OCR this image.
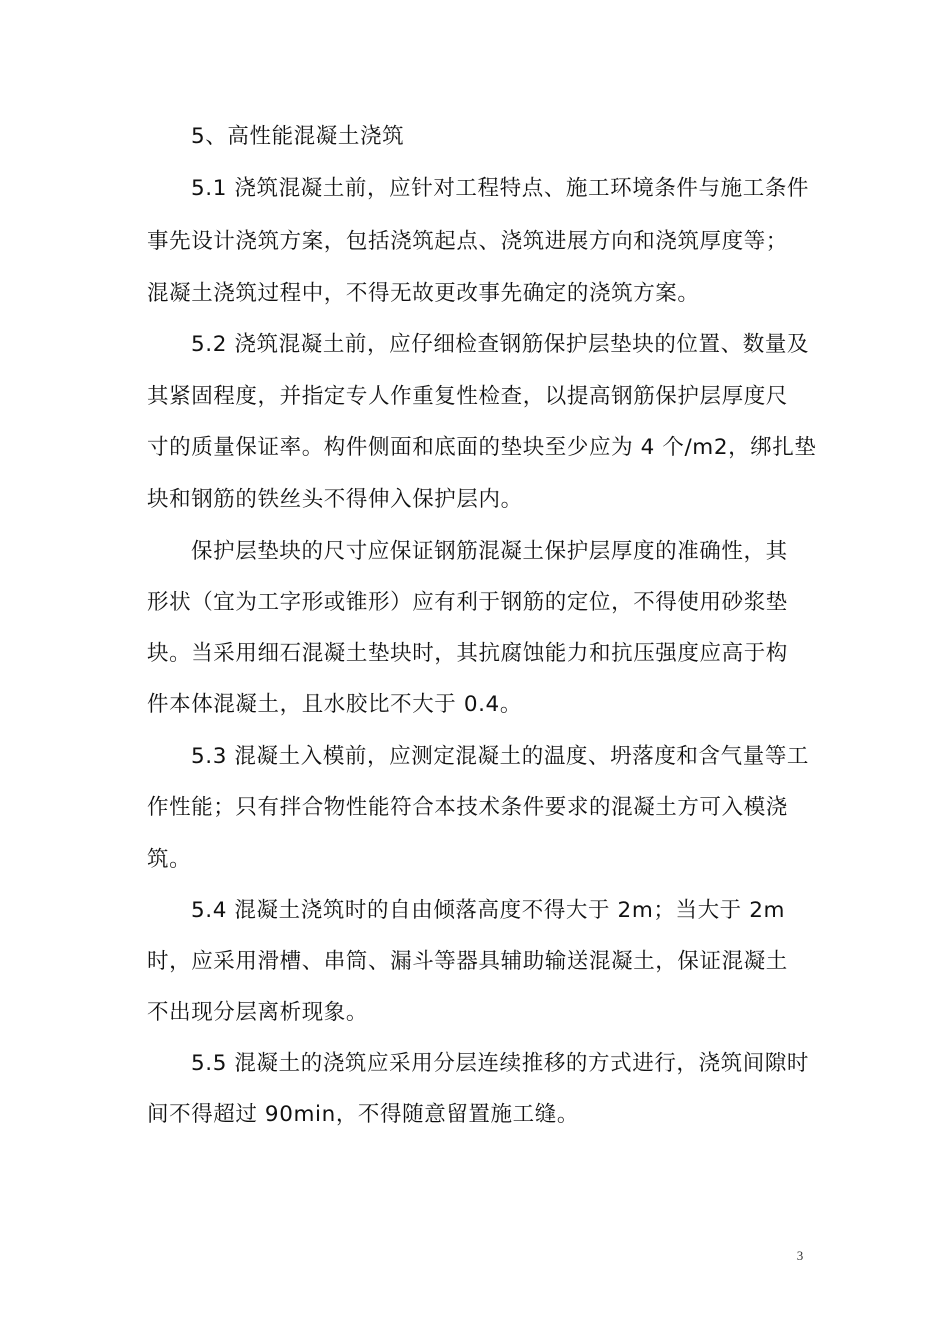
5、高性能混凝土浇筑
5.1 浇筑混凝土前，应针对工程特点、施工环境条件与施工条件
事先设计浇筑方案，包括浇筑起点、浇筑进展方向和浇筑厚度等；
混凝土浇筑过程中，不得无故更改事先确定的浇筑方案。
5.2 浇筑混凝土前，应仔细检查钢筋保护层垫块的位置、数量及
其紧固程度，并指定专人作重复性检查，以提高钢筋保护层厚度尺
寸的质量保证率。构件侧面和底面的垫块至少应为 4 个/m2，绑扎垫
块和钢筋的铁丝头不得伸入保护层内。
保护层垫块的尺寸应保证钢筋混凝土保护层厚度的准确性，其
形状（宜为工字形或锥形）应有利于钢筋的定位，不得使用砂浆垫
块。当采用细石混凝土垫块时，其抗腐蚀能力和抗压强度应高于构
件本体混凝土，且水胶比不大于 0.4。
5.3 混凝土入模前，应测定混凝土的温度、坍落度和含气量等工
作性能；只有拌合物性能符合本技术条件要求的混凝土方可入模浇
筑。
5.4 混凝土浇筑时的自由倾落高度不得大于 2m；当大于 2m
时，应采用滑槽、串筒、漏斗等器具辅助输送混凝土，保证混凝土
不出现分层离析现象。
5.5 混凝土的浇筑应采用分层连续推移的方式进行，浇筑间隙时
间不得超过 90min，不得随意留置施工缝。
3
